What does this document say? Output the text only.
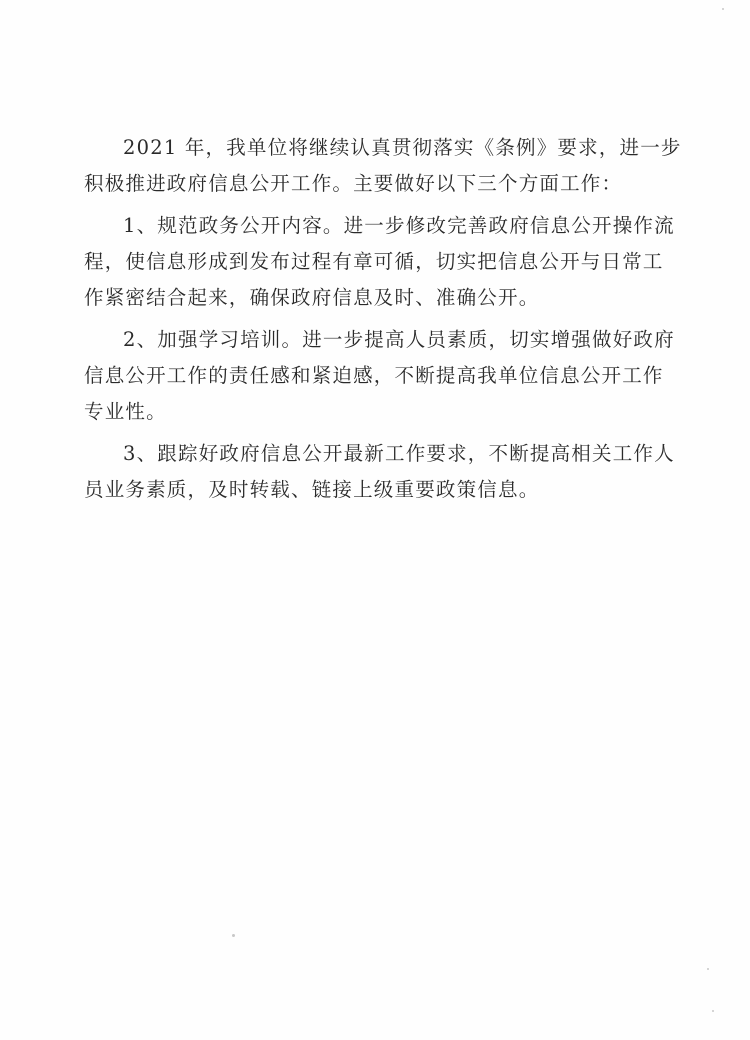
2021 年，我单位将继续认真贯彻落实《条例》要求，进一步
积极推进政府信息公开工作。主要做好以下三个方面工作：
1、规范政务公开内容。进一步修改完善政府信息公开操作流
程，使信息形成到发布过程有章可循，切实把信息公开与日常工
作紧密结合起来，确保政府信息及时、准确公开。
2、加强学习培训。进一步提高人员素质，切实增强做好政府
信息公开工作的责任感和紧迫感，不断提高我单位信息公开工作
专业性。
3、跟踪好政府信息公开最新工作要求，不断提高相关工作人
员业务素质，及时转载、链接上级重要政策信息。
